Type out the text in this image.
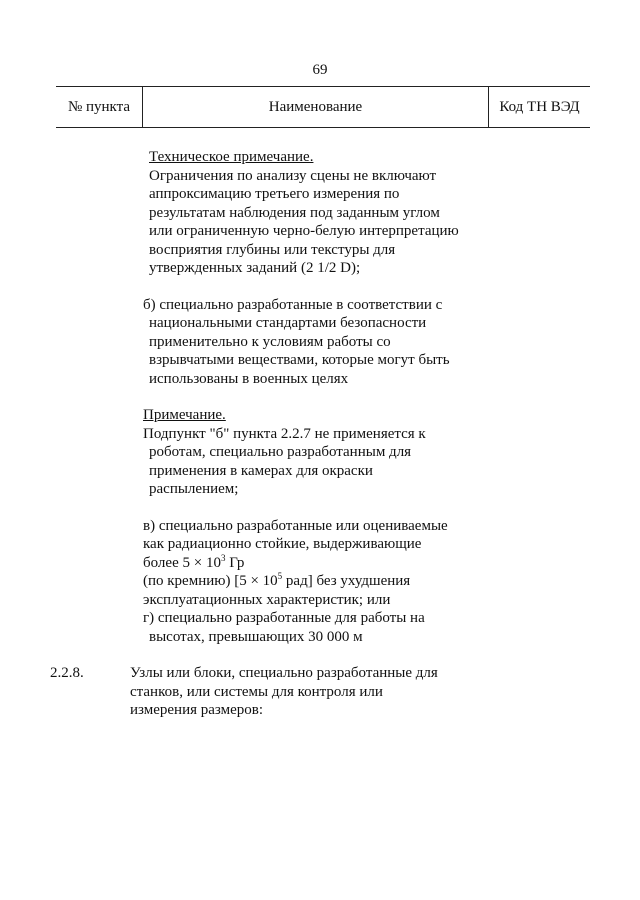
69
№ пункта	Наименование	Код ТН ВЭД

Техническое примечание.

Ограничения по анализу сцены не включают

аппроксимацию третьего измерения по

результатам наблюдения под заданным углом

или ограниченную черно-белую интерпретацию

восприятия глубины или текстуры для

утвержденных заданий (2 1/2 D);

б) специально разработанные в соответствии с

национальными стандартами безопасности

применительно к условиям работы со

взрывчатыми веществами, которые могут быть

использованы в военных целях

Примечание.

Подпункт "б" пункта 2.2.7 не применяется к

роботам, специально разработанным для

применения в камерах для окраски

распылением;

в) специально разработанные или оцениваемые

как радиационно стойкие, выдерживающие

более $5 \times 10^3$ Гр

(по кремнию) [$5 \times 10^5$ рад] без ухудшения

эксплуатационных характеристик; или

г) специально разработанные для работы на

высотах, превышающих 30 000 м

2.2.8.	Узлы или блоки, специально разработанные для

станков, или системы для контроля или

измерения размеров:
